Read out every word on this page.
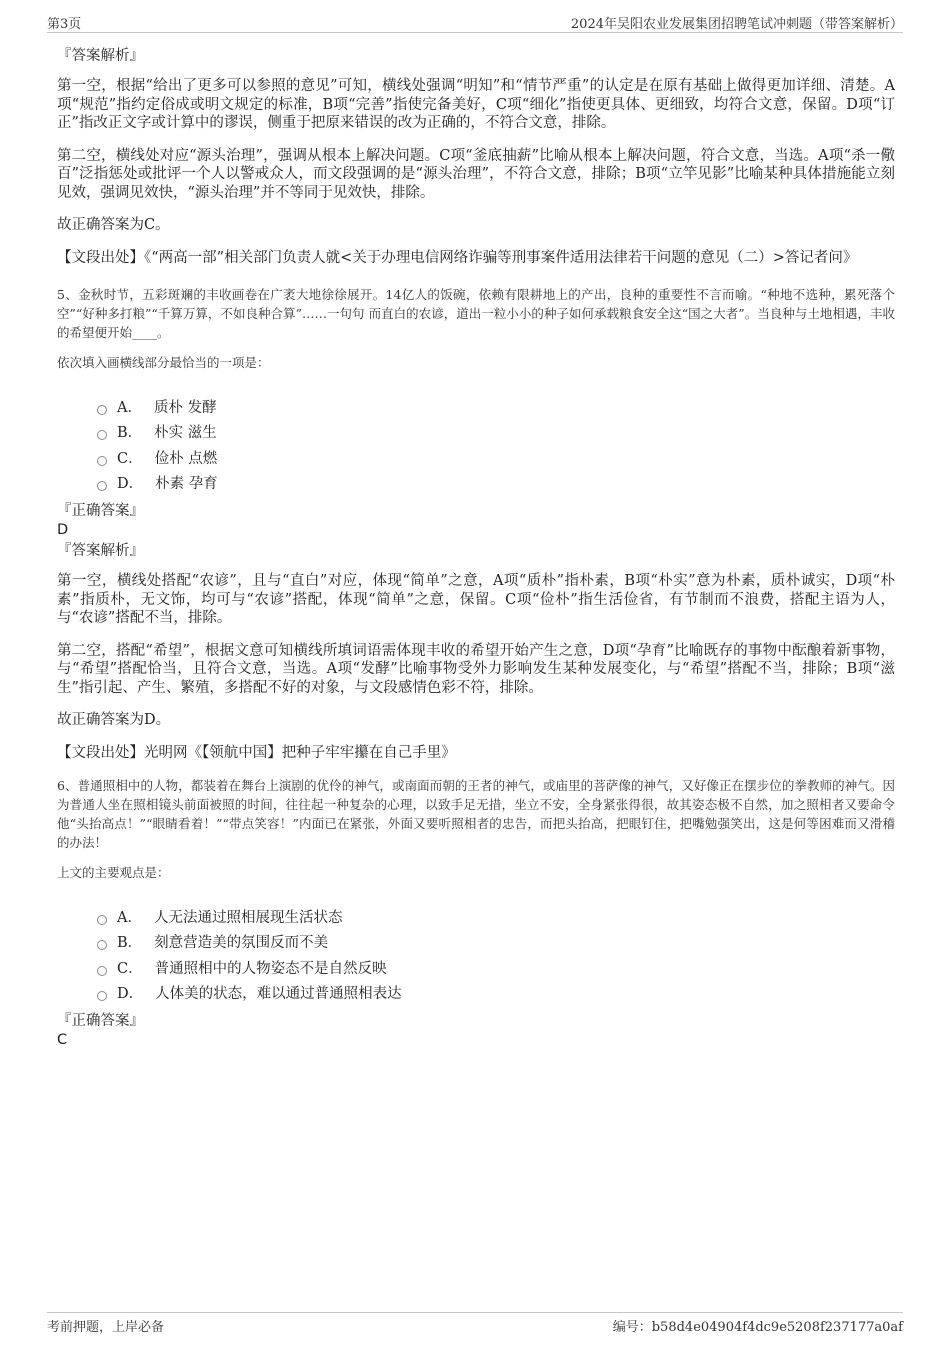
第3页	2024年吴阳农业发展集团招聘笔试冲刺题（带答案解析）

『答案解析』

第一空，根据“给出了更多可以参照的意见”可知，横线处强调“明知”和“情节严重”的认定是在原有基础上做得更加详细、清楚。A项“规范”指约定俗成或明文规定的标准，B项“完善”指使完备美好，C项“细化”指使更具体、更细致，均符合文意，保留。D项“订正”指改正文字或计算中的谬误，侧重于把原来错误的改为正确的，不符合文意，排除。

第二空，横线处对应“源头治理”，强调从根本上解决问题。C项“釜底抽薪”比喻从根本上解决问题，符合文意，当选。A项“杀一儆百”泛指惩处或批评一个人以警戒众人，而文段强调的是“源头治理”，不符合文意，排除；B项“立竿见影”比喻某种具体措施能立刻见效，强调见效快，“源头治理”并不等同于见效快，排除。

故正确答案为C。

【文段出处】《“两高一部”相关部门负责人就<关于办理电信网络诈骗等刑事案件适用法律若干问题的意见（二）>答记者问》

5、金秋时节，五彩斑斓的丰收画卷在广袤大地徐徐展开。14亿人的饭碗，依赖有限耕地上的产出，良种的重要性不言而喻。“种地不选种，累死落个空”“好种多打粮”“千算万算，不如良种合算”……一句句 而直白的农谚，道出一粒小小的种子如何承载粮食安全这“国之大者”。当良种与土地相遇，丰收的希望便开始____。

依次填入画横线部分最恰当的一项是：

A． 质朴 发酵
B． 朴实 滋生
C． 俭朴 点燃
D． 朴素 孕育

『正确答案』

D

『答案解析』

第一空，横线处搭配“农谚”，且与“直白”对应，体现“简单”之意，A项“质朴”指朴素，B项“朴实”意为朴素，质朴诚实，D项“朴素”指质朴，无文饰，均可与“农谚”搭配，体现“简单”之意，保留。C项“俭朴”指生活俭省，有节制而不浪费，搭配主语为人，与“农谚”搭配不当，排除。

第二空，搭配“希望”，根据文意可知横线所填词语需体现丰收的希望开始产生之意，D项“孕育”比喻既存的事物中酝酿着新事物，与“希望”搭配恰当，且符合文意，当选。A项“发酵”比喻事物受外力影响发生某种发展变化，与“希望”搭配不当，排除；B项“滋生”指引起、产生、繁殖，多搭配不好的对象，与文段感情色彩不符，排除。

故正确答案为D。

【文段出处】光明网《【领航中国】把种子牢牢攥在自己手里》

6、普通照相中的人物，都装着在舞台上演剧的优伶的神气，或南面而朝的王者的神气，或庙里的菩萨像的神气，又好像正在摆步位的拳教师的神气。因为普通人坐在照相镜头前面被照的时间，往往起一种复杂的心理，以致手足无措，坐立不安，全身紧张得很，故其姿态极不自然，加之照相者又要命令他“头抬高点！”“眼睛看着！”“带点笑容！”内面已在紧张，外面又要听照相者的忠告，而把头抬高，把眼钉住，把嘴勉强笑出，这是何等困难而又滑稽的办法！

上文的主要观点是：

A． 人无法通过照相展现生活状态
B． 刻意营造美的氛围反而不美
C． 普通照相中的人物姿态不是自然反映
D． 人体美的状态，难以通过普通照相表达

『正确答案』

C

考前押题，上岸必备	编号：b58d4e04904f4dc9e5208f237177a0af
